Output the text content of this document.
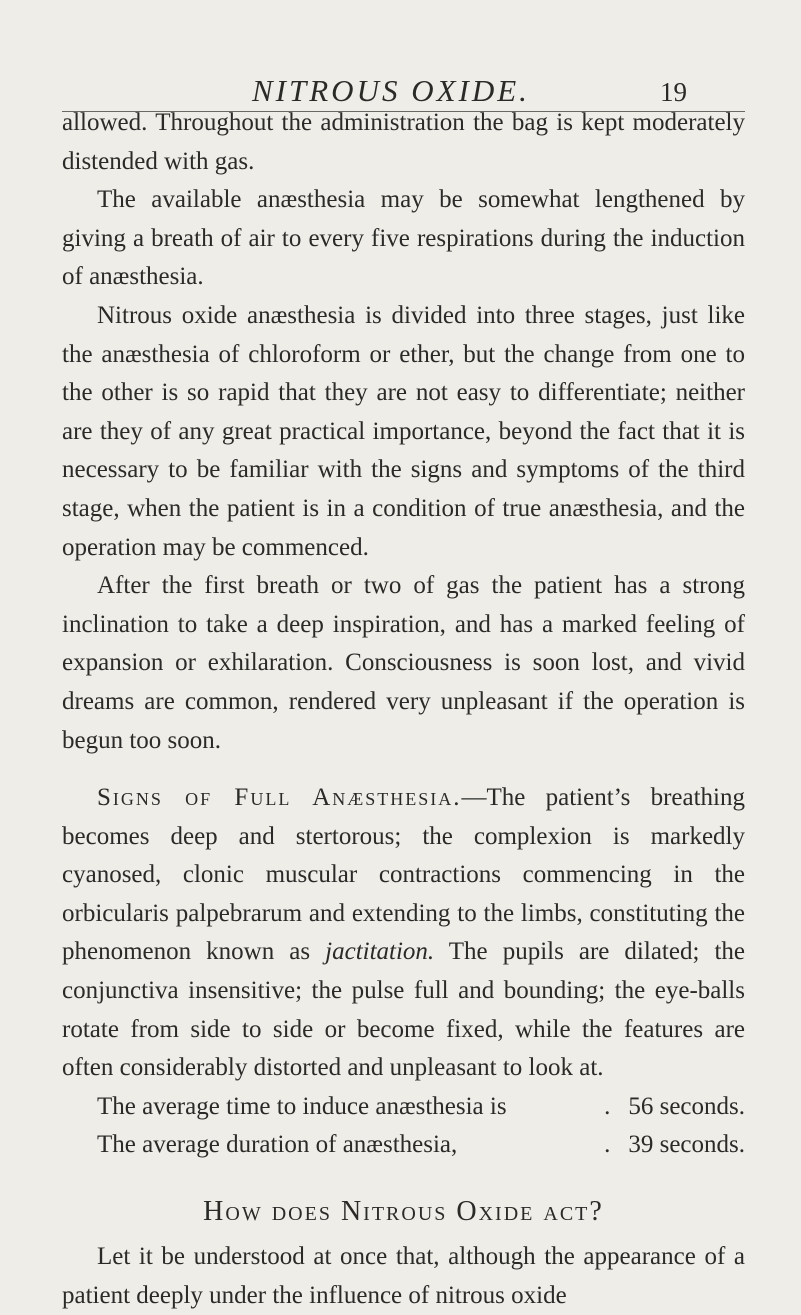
NITROUS OXIDE.	19

allowed. Throughout the administration the bag is kept moderately distended with gas.

The available anæsthesia may be somewhat lengthened by giving a breath of air to every five respirations during the induction of anæsthesia.

Nitrous oxide anæsthesia is divided into three stages, just like the anæsthesia of chloroform or ether, but the change from one to the other is so rapid that they are not easy to differentiate; neither are they of any great practical importance, beyond the fact that it is necessary to be familiar with the signs and symptoms of the third stage, when the patient is in a condition of true anæsthesia, and the operation may be commenced.

After the first breath or two of gas the patient has a strong inclination to take a deep inspiration, and has a marked feeling of expansion or exhilaration. Consciousness is soon lost, and vivid dreams are common, rendered very unpleasant if the operation is begun too soon.

Signs of Full Anæsthesia.—The patient’s breathing becomes deep and stertorous; the complexion is markedly cyanosed, clonic muscular contractions commencing in the orbicularis palpebrarum and extending to the limbs, constituting the phenomenon known as jactitation. The pupils are dilated; the conjunctiva insensitive; the pulse full and bounding; the eye-balls rotate from side to side or become fixed, while the features are often considerably distorted and unpleasant to look at.

The average time to induce anæsthesia is	. 56 seconds.
The average duration of anæsthesia,	. 39 seconds.
How does Nitrous Oxide act?

Let it be understood at once that, although the appearance of a patient deeply under the influence of nitrous oxide
